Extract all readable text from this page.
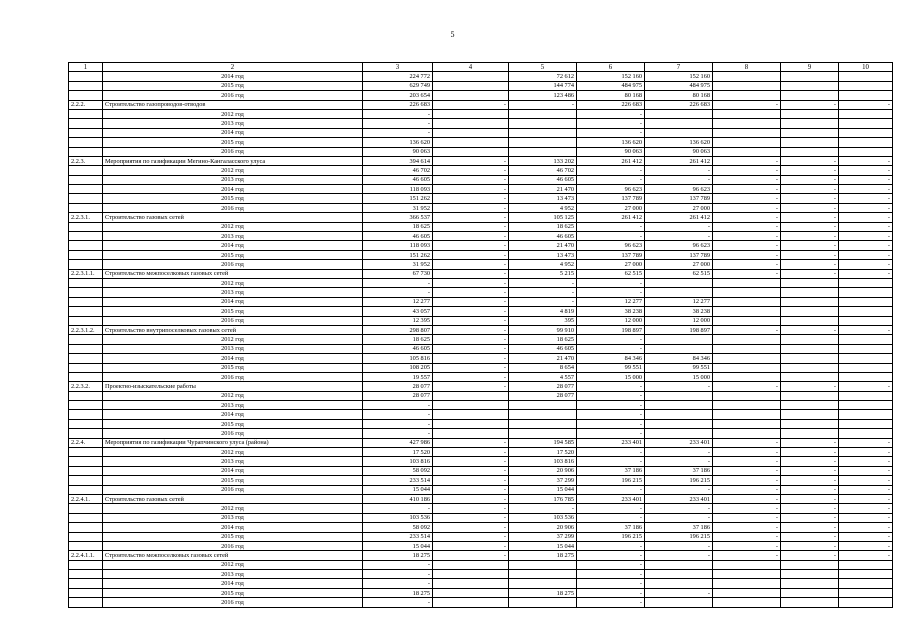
5
1	2	3	4	5	6	7	8	9	10
	2014 год	224 772		72 612	152 160	152 160			
	2015 год	629 749		144 774	484 975	484 975			
	2016 год	203 654		123 486	80 168	80 168			
2.2.2.	Строительство газопроводов-отводов	226 683	-	-	226 683	226 683	-	-	-
	2012 год	-			-				
	2013 год	-			-				
	2014 год	-			-				
	2015 год	136 620			136 620	136 620			
	2016 год	90 063			90 063	90 063			
2.2.3.	Мероприятия по газификации Мегино-Кангаласского улуса	394 614	-	133 202	261 412	261 412	-	-	-
	2012 год	46 702	-	46 702	-	-	-	-	-
	2013 год	46 605	-	46 605	-	-	-	-	-
	2014 год	118 093	-	21 470	96 623	96 623	-	-	-
	2015 год	151 262	-	13 473	137 789	137 789	-	-	-
	2016 год	31 952	-	4 952	27 000	27 000	-	-	-
2.2.3.1.	Строительство газовых сетей	366 537	-	105 125	261 412	261 412	-	-	-
	2012 год	18 625	-	18 625	-	-	-	-	-
	2013 год	46 605	-	46 605	-	-	-	-	-
	2014 год	118 093	-	21 470	96 623	96 623	-	-	-
	2015 год	151 262	-	13 473	137 789	137 789	-	-	-
	2016 год	31 952	-	4 952	27 000	27 000	-	-	-
2.2.3.1.1.	Строительство межпоселковых газовых сетей	67 730	-	5 215	62 515	62 515	-	-	-
	2012 год	-	-	-	-				
	2013 год	-	-	-	-				
	2014 год	12 277	-	-	12 277	12 277			
	2015 год	43 057	-	4 819	38 238	38 238			
	2016 год	12 395	-	395	12 000	12 000			
2.2.3.1.2.	Строительство внутрипоселковых газовых сетей	298 807	-	99 910	198 897	198 897	-	-	-
	2012 год	18 625	-	18 625	-				
	2013 год	46 605	-	46 605	-				
	2014 год	105 816	-	21 470	84 346	84 346			
	2015 год	108 205	-	8 654	99 551	99 551			
	2016 год	19 557	-	4 557	15 000	15 000			
2.2.3.2.	Проектно-изыскательские работы	28 077	-	28 077	-	-	-	-	-
	2012 год	28 077		28 077	-				
	2013 год	-			-				
	2014 год	-			-				
	2015 год	-			-				
	2016 год	-			-				
2.2.4.	Мероприятия по газификации Чурапчинского улуса (района)	427 986	-	194 585	233 401	233 401	-	-	-
	2012 год	17 520	-	17 520	-	-	-	-	-
	2013 год	103 816	-	103 816	-	-	-	-	-
	2014 год	58 092	-	20 906	37 186	37 186	-	-	-
	2015 год	233 514	-	37 299	196 215	196 215	-	-	-
	2016 год	15 044	-	15 044	-	-	-	-	-
2.2.4.1.	Строительство газовых сетей	410 186	-	176 785	233 401	233 401	-	-	-
	2012 год	-	-	-	-	-	-	-	-
	2013 год	103 536	-	103 536	-	-	-	-	-
	2014 год	58 092	-	20 906	37 186	37 186	-	-	-
	2015 год	233 514	-	37 299	196 215	196 215	-	-	-
	2016 год	15 044	-	15 044	-	-	-	-	-
2.2.4.1.1.	Строительство межпоселковых газовых сетей	18 275	-	18 275	-	-	-	-	-
	2012 год	-			-				
	2013 год	-			-				
	2014 год	-			-				
	2015 год	18 275		18 275	-	-			
	2016 год	-			-				
